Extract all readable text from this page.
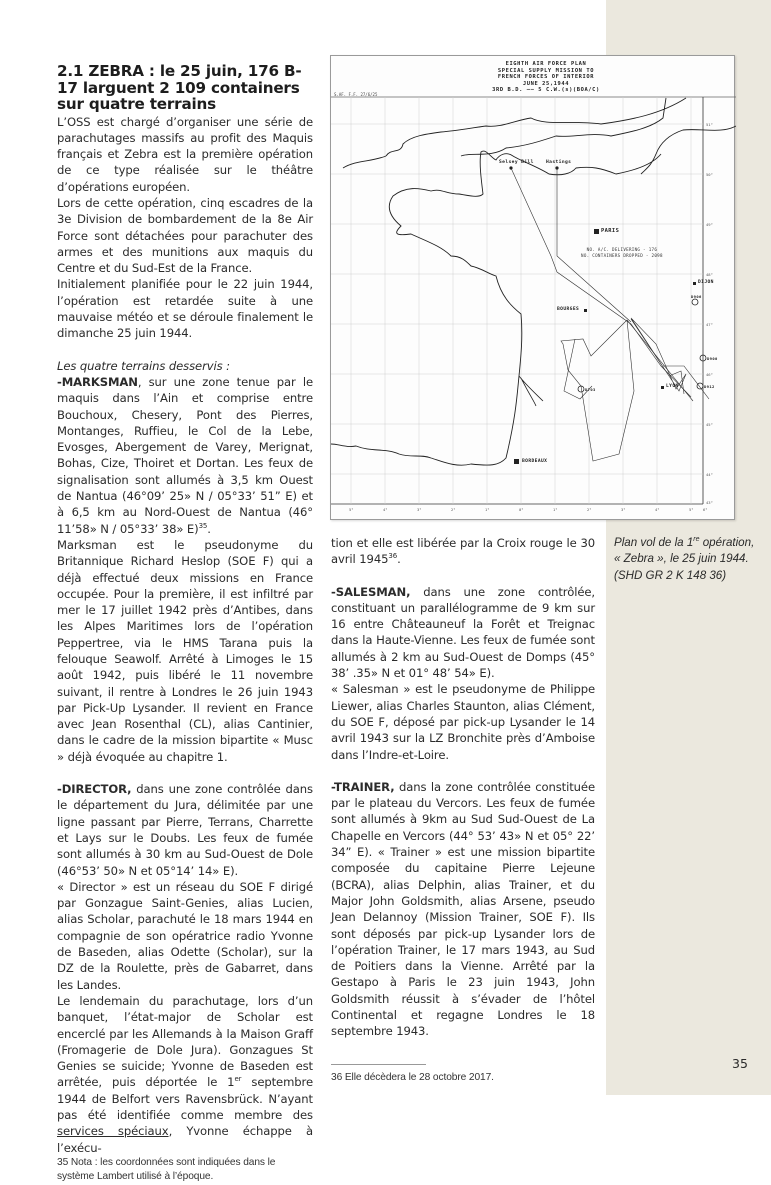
2.1 ZEBRA : le 25 juin, 176 B-17 larguent 2 109 containers sur quatre terrains

L’OSS est chargé d’organiser une série de parachutages massifs au profit des Maquis français et Zebra est la première opération de ce type réalisée sur le théâtre d’opérations européen.

Lors de cette opération, cinq escadres de la 3e Division de bombardement de la 8e Air Force sont détachées pour parachuter des armes et des munitions aux maquis du Centre et du Sud-Est de la France.

Initialement planifiée pour le 22 juin 1944, l’opération est retardée suite à une mauvaise météo et se déroule finalement le dimanche 25 juin 1944.

Les quatre terrains desservis :

-MARKSMAN, sur une zone tenue par le maquis dans l’Ain et comprise entre Bouchoux, Chesery, Pont des Pierres, Montanges, Ruffieu, le Col de la Lebe, Evosges, Abergement de Varey, Merignat, Bohas, Cize, Thoiret et Dortan. Les feux de signalisation sont allumés à 3,5 km Ouest de Nantua (46°09’ 25» N / 05°33’ 51” E) et à 6,5 km au Nord-Ouest de Nantua (46° 11’58» N / 05°33’ 38» E)$^{35}$.

Marksman est le pseudonyme du Britannique Richard Heslop (SOE F) qui a déjà effectué deux missions en France occupée. Pour la première, il est infiltré par mer le 17 juillet 1942 près d’Antibes, dans les Alpes Maritimes lors de l’opération Peppertree, via le HMS Tarana puis la felouque Seawolf. Arrêté à Limoges le 15 août 1942, puis libéré le 11 novembre suivant, il rentre à Londres le 26 juin 1943 par Pick-Up Lysander. Il revient en France avec Jean Rosenthal (CL), alias Cantinier, dans le cadre de la mission bipartite « Musc » déjà évoquée au chapitre 1.

-DIRECTOR, dans une zone contrôlée dans le département du Jura, délimitée par une ligne passant par Pierre, Terrans, Charrette et Lays sur le Doubs. Les feux de fumée sont allumés à 30 km au Sud-Ouest de Dole (46°53’ 50» N et 05°14’ 14» E).

« Director » est un réseau du SOE F dirigé par Gonzague Saint-Genies, alias Lucien, alias Scholar, parachuté le 18 mars 1944 en compagnie de son opératrice radio Yvonne de Baseden, alias Odette (Scholar), sur la DZ de la Roulette, près de Gabarret, dans les Landes.

Le lendemain du parachutage, lors d’un banquet, l’état-major de Scholar est encerclé par les Allemands à la Maison Graff (Fromagerie de Dole Jura). Gonzagues St Genies se suicide; Yvonne de Baseden est arrêtée, puis déportée le 1er septembre 1944 de Belfort vers Ravensbrück. N’ayant pas été identifiée comme membre des services spéciaux, Yvonne échappe à l’exécu-

35 Nota : les coordonnées sont indiquées dans le système Lambert utilisé à l’époque.

EIGHTH AIR FORCE PLAN
SPECIAL SUPPLY MISSION TO
FRENCH FORCES OF INTERIOR
JUNE 25,1944
3RD B.D. —— 5 C.W.(s)(BOA/C)
S.AF. F.F. 27/6/25
Selsey Bill	Hastings
PARIS
BOURGES
DIJON
LYON
BORDEAUX
D906
D900
D912
D703
NO. A/C. DELIVERING - 176
NO. CONTAINERS DROPPED - 2098
51°
50°
49°
48°
47°
46°
45°
44°
43°
5°	4°	3°	2°	1°	0°	1°	2°	3°	4°	5° 6°

tion et elle est libérée par la Croix rouge le 30 avril 1945$^{36}$.

-SALESMAN, dans une zone contrôlée, constituant un parallélogramme de 9 km sur 16 entre Châteauneuf la Forêt et Treignac dans la Haute-Vienne. Les feux de fumée sont allumés à 2 km au Sud-Ouest de Domps (45° 38’ .35» N et 01° 48’ 54» E).

« Salesman » est le pseudonyme de Philippe Liewer, alias Charles Staunton, alias Clément, du SOE F, déposé par pick-up Lysander le 14 avril 1943 sur la LZ Bronchite près d’Amboise dans l’Indre-et-Loire.

-TRAINER, dans la zone contrôlée constituée par le plateau du Vercors. Les feux de fumée sont allumés à 9km au Sud Sud-Ouest de La Chapelle en Vercors (44° 53’ 43» N et 05° 22’ 34” E). « Trainer » est une mission bipartite composée du capitaine Pierre Lejeune (BCRA), alias Delphin, alias Trainer, et du Major John Goldsmith, alias Arsene, pseudo Jean Delannoy (Mission Trainer, SOE F). Ils sont déposés par pick-up Lysander lors de l’opération Trainer, le 17 mars 1943, au Sud de Poitiers dans la Vienne. Arrêté par la Gestapo à Paris le 23 juin 1943, John Goldsmith réussit à s’évader de l’hôtel Continental et regagne Londres le 18 septembre 1943.

36 Elle décèdera le 28 octobre 2017.

Plan vol de la 1re opération, « Zebra », le 25 juin 1944. (SHD GR 2 K 148 36)
35
